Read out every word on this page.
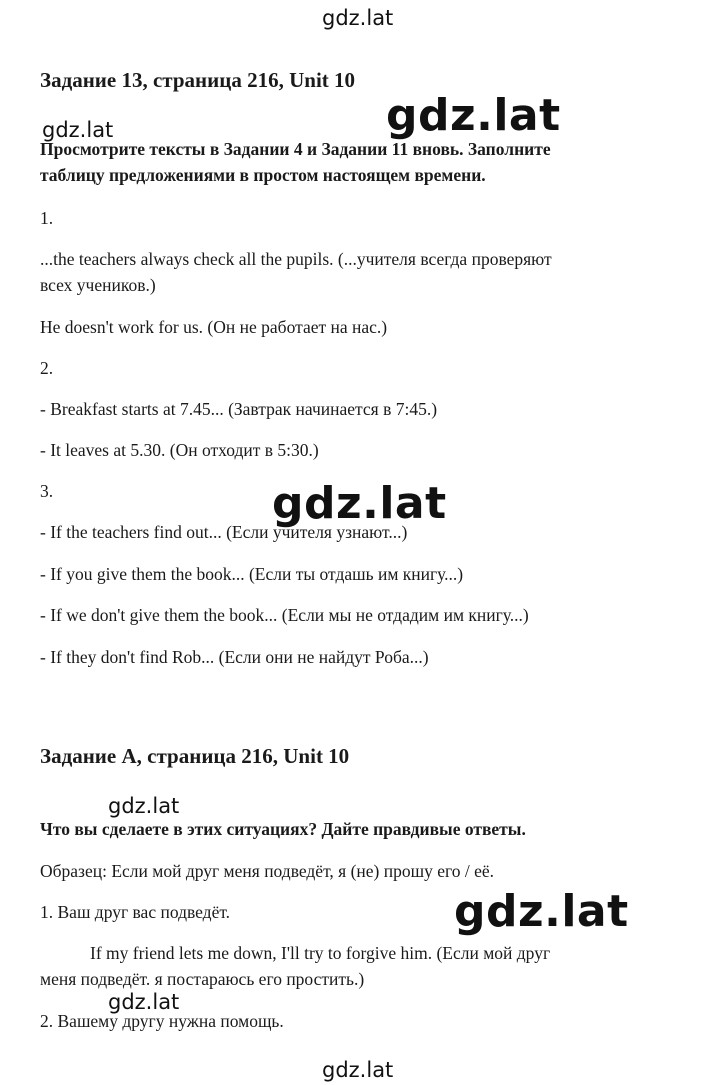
gdz.lat
gdz.lat
gdz.lat
gdz.lat
gdz.lat
gdz.lat
gdz.lat
gdz.lat
Задание 13, страница 216, Unit 10
Просмотрите тексты в Задании 4 и Задании 11 вновь. Заполните
таблицу предложениями в простом настоящем времени.
1.
...the teachers always check all the pupils. (...учителя всегда проверяют
всех учеников.)
He doesn't work for us. (Он не работает на нас.)
2.
- Breakfast starts at 7.45... (Завтрак начинается в 7:45.)
- It leaves at 5.30. (Он отходит в 5:30.)
3.
- If the teachers find out... (Если учителя узнают...)
- If you give them the book... (Если ты отдашь им книгу...)
- If we don't give them the book... (Если мы не отдадим им книгу...)
- If they don't find Rob... (Если они не найдут Роба...)
Задание A, страница 216, Unit 10
Что вы сделаете в этих ситуациях? Дайте правдивые ответы.
Образец: Если мой друг меня подведёт, я (не) прошу его / её.
1. Ваш друг вас подведёт.
If my friend lets me down, I'll try to forgive him. (Если мой друг
меня подведёт. я постараюсь его простить.)
2. Вашему другу нужна помощь.
